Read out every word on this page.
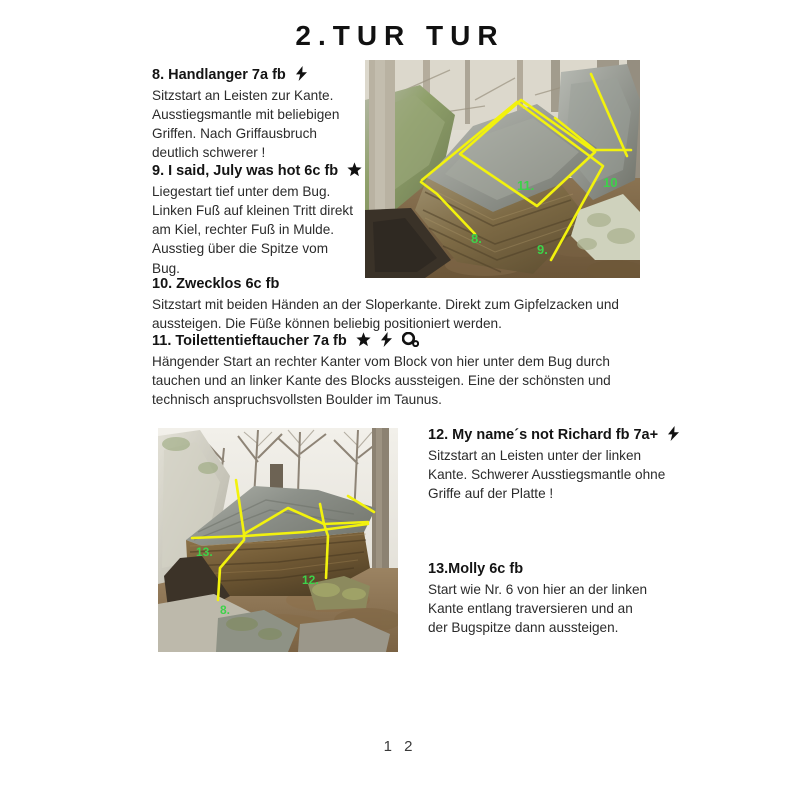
2.TUR TUR
11.
8.
9.
10
13.
12.
8.
8. Handlanger 7a fb
Sitzstart an Leisten zur Kante. Ausstiegsmantle mit beliebigen Griffen. Nach Griffausbruch deutlich schwerer !
9. I said, July was hot 6c fb
Liegestart tief unter dem Bug. Linken Fuß auf kleinen Tritt direkt am Kiel, rechter Fuß in Mulde. Ausstieg über die Spitze vom Bug.
10. Zwecklos 6c fb
Sitzstart mit beiden Händen an der Sloperkante. Direkt zum Gipfelzacken und aussteigen. Die Füße können beliebig positioniert werden.
11. Toilettentieftaucher 7a fb

Hängender Start an rechter Kanter vom Block von hier unter dem Bug durch tauchen und an linker Kante des Blocks aussteigen. Eine der schönsten und technisch anspruchsvollsten Boulder im Taunus.
12. My name´s not Richard fb 7a+
Sitzstart an Leisten unter der linken Kante. Schwerer Ausstiegsmantle ohne Griffe auf der Platte !
13.Molly 6c fb
Start wie Nr. 6 von hier an der linken Kante entlang traversieren und an der Bugspitze dann aussteigen.
1 2
